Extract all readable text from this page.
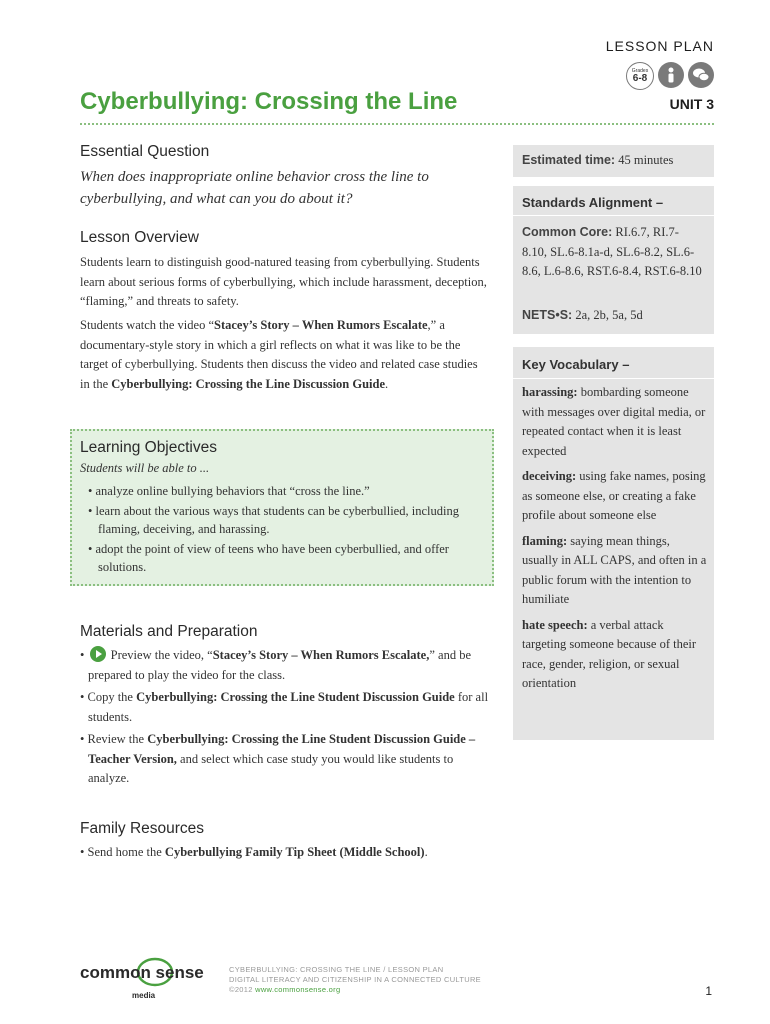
LESSON PLAN
Grades
6-8
UNIT 3
Cyberbullying: Crossing the Line
Essential Question
When does inappropriate online behavior cross the line to cyberbullying, and what can you do about it?
Lesson Overview
Students learn to distinguish good-natured teasing from cyberbullying. Students learn about serious forms of cyberbullying, which include harassment, deception, “flaming,” and threats to safety.
Students watch the video “Stacey’s Story – When Rumors Escalate,” a documentary-style story in which a girl reflects on what it was like to be the target of cyberbullying. Students then discuss the video and related case studies in the Cyberbullying: Crossing the Line Discussion Guide.
Learning Objectives
Students will be able to ...
• analyze online bullying behaviors that “cross the line.”
• learn about the various ways that students can be cyberbullied, including flaming, deceiving, and harassing.
• adopt the point of view of teens who have been cyberbullied, and offer solutions.
Materials and Preparation
• Preview the video, “Stacey’s Story – When Rumors Escalate,” and be prepared to play the video for the class.
• Copy the Cyberbullying: Crossing the Line Student Discussion Guide for all students.
• Review the Cyberbullying: Crossing the Line Student Discussion Guide – Teacher Version, and select which case study you would like students to analyze.
Family Resources
• Send home the Cyberbullying Family Tip Sheet (Middle School).
Estimated time: 45 minutes
Standards Alignment –
Common Core: RI.6.7, RI.7-8.10, SL.6-8.1a-d, SL.6-8.2, SL.6-8.6, L.6-8.6, RST.6-8.4, RST.6-8.10
NETS•S: 2a, 2b, 5a, 5d
Key Vocabulary –
harassing: bombarding someone with messages over digital media, or repeated contact when it is least expected
deceiving: using fake names, posing as someone else, or creating a fake profile about someone else
flaming: saying mean things, usually in ALL CAPS, and often in a public forum with the intention to humiliate
hate speech: a verbal attack targeting someone because of their race, gender, religion, or sexual orientation
common sense
media
CYBERBULLYING: CROSSING THE LINE / LESSON PLAN
DIGITAL LITERACY AND CITIZENSHIP IN A CONNECTED CULTURE
©2012 www.commonsense.org	1
